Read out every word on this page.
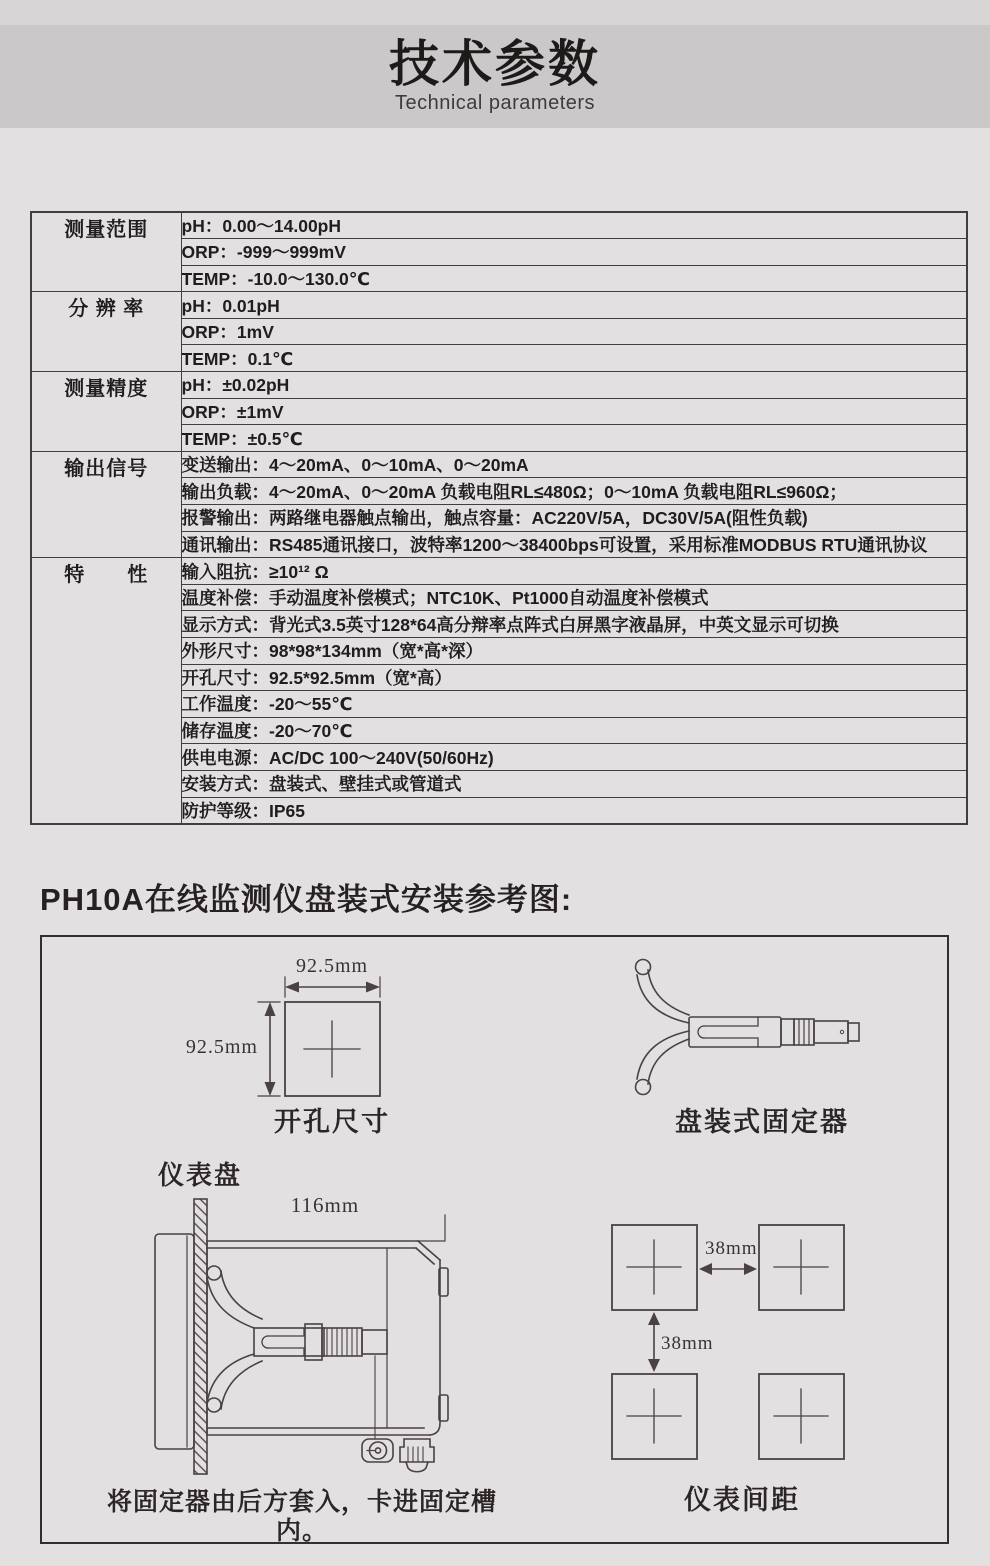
技术参数
Technical parameters
测量范围	pH：0.00～14.00pH
	ORP：-999～999mV
	TEMP：-10.0～130.0℃
分 辨 率	pH：0.01pH
	ORP：1mV
	TEMP：0.1℃
测量精度	pH：±0.02pH
	ORP：±1mV
	TEMP：±0.5℃
输出信号	变送输出：4～20mA、0～10mA、0～20mA
	输出负载：4～20mA、0～20mA 负载电阻RL≤480Ω；0～10mA 负载电阻RL≤960Ω；
	报警输出：两路继电器触点输出，触点容量：AC220V/5A，DC30V/5A(阻性负载)
	通讯输出：RS485通讯接口，波特率1200～38400bps可设置，采用标准MODBUS RTU通讯协议
特　　性	输入阻抗：≥10¹² Ω
	温度补偿：手动温度补偿模式；NTC10K、Pt1000自动温度补偿模式
	显示方式：背光式3.5英寸128*64高分辩率点阵式白屏黑字液晶屏，中英文显示可切换
	外形尺寸：98*98*134mm（宽*高*深）
	开孔尺寸：92.5*92.5mm（宽*高）
	工作温度：-20～55℃
	储存温度：-20～70℃
	供电电源：AC/DC 100～240V(50/60Hz)
	安装方式：盘装式、壁挂式或管道式
	防护等级：IP65
PH10A在线监测仪盘装式安装参考图:
92.5mm
92.5mm
开孔尺寸	盘装式固定器
仪表盘
116mm
将固定器由后方套入，卡进固定槽内。
38mm
38mm
仪表间距
